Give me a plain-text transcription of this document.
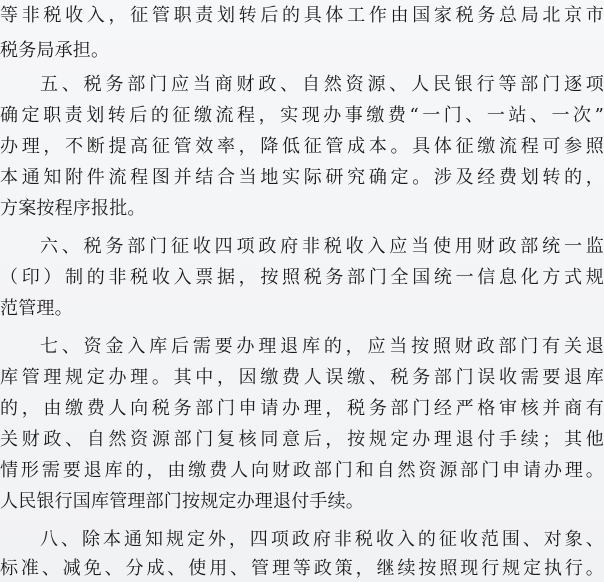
等非税收入，征管职责划转后的具体工作由国家税务总局北京市
税务局承担。
五、税务部门应当商财政、自然资源、人民银行等部门逐项
确定职责划转后的征缴流程，实现办事缴费“一门、一站、一次”
办理，不断提高征管效率，降低征管成本。具体征缴流程可参照
本通知附件流程图并结合当地实际研究确定。涉及经费划转的，
方案按程序报批。
六、税务部门征收四项政府非税收入应当使用财政部统一监
（印）制的非税收入票据，按照税务部门全国统一信息化方式规
范管理。
七、资金入库后需要办理退库的，应当按照财政部门有关退
库管理规定办理。其中，因缴费人误缴、税务部门误收需要退库
的，由缴费人向税务部门申请办理，税务部门经严格审核并商有
关财政、自然资源部门复核同意后，按规定办理退付手续；其他
情形需要退库的，由缴费人向财政部门和自然资源部门申请办理。
人民银行国库管理部门按规定办理退付手续。
八、除本通知规定外，四项政府非税收入的征收范围、对象、
标准、减免、分成、使用、管理等政策，继续按照现行规定执行。
